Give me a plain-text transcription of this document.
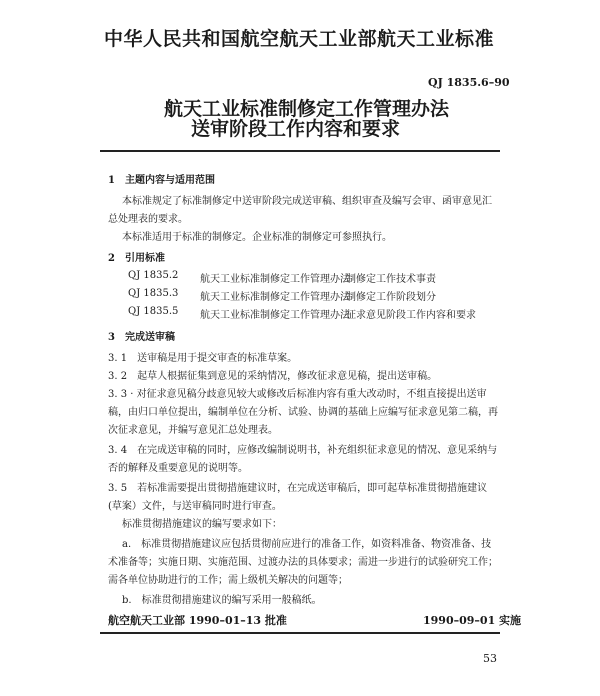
中华人民共和国航空航天工业部航天工业标准
QJ 1835.6–90
航天工业标准制修定工作管理办法
送审阶段工作内容和要求
1　主题内容与适用范围
本标准规定了标准制修定中送审阶段完成送审稿、组织审查及编写会审、函审意见汇
总处理表的要求。
本标准适用于标准的制修定。企业标准的制修定可参照执行。
2　引用标准
QJ 1835.2 航天工业标准制修定工作管理办法
制修定工作技术事责
QJ 1835.3 航天工业标准制修定工作管理办法
制修定工作阶段划分
QJ 1835.5 航天工业标准制修定工作管理办法
征求意见阶段工作内容和要求
3　完成送审稿
3. 1　送审稿是用于提交审查的标准草案。
3. 2　起草人根据征集到意见的采纳情况，修改征求意见稿，提出送审稿。
3. 3 · 对征求意见稿分歧意见较大或修改后标准内容有重大改动时，不组直接提出送审
稿，由归口单位提出，编制单位在分析、试验、协调的基础上应编写征求意见第二稿，再
次征求意见，并编写意见汇总处理表。
3. 4　在完成送审稿的同时，应修改编制说明书，补充组织征求意见的情况、意见采纳与
否的解释及重要意见的说明等。
3. 5　若标准需要提出贯彻措施建议时，在完成送审稿后，即可起草标准贯彻措施建议
(草案）文件，与送审稿同时进行审查。
标准贯彻措施建议的编写要求如下：
a.　标准贯彻措施建议应包括贯彻前应进行的准备工作，如资料准备、物资准备、技
术准备等；实施日期、实施范围、过渡办法的具体要求；需进一步进行的试验研究工作；
需各单位协助进行的工作；需上级机关解决的问题等；
b.　标准贯彻措施建议的编写采用一般稿纸。
航空航天工业部 1990–01–13 批准	1990–09–01 实施
53
